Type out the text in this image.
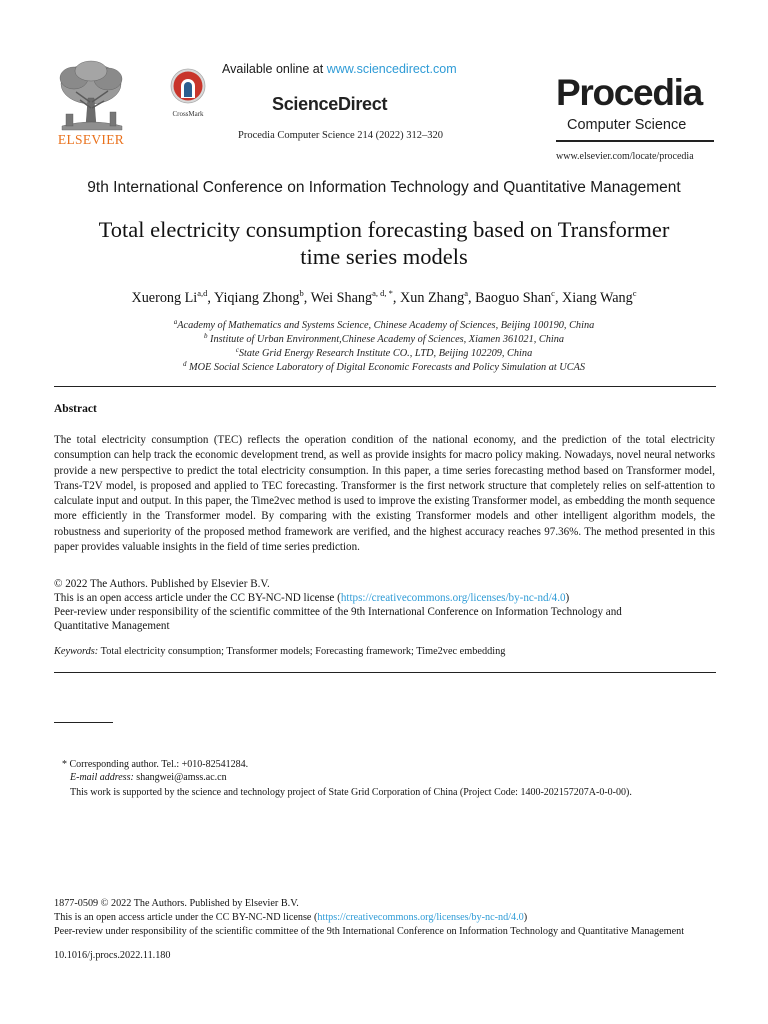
ELSEVIER
CrossMark
Available online at www.sciencedirect.com
ScienceDirect
Procedia Computer Science 214 (2022) 312–320
Procedia
Computer Science
www.elsevier.com/locate/procedia
9th International Conference on Information Technology and Quantitative Management
Total electricity consumption forecasting based on Transformer
time series models
Xuerong Li$^{a,d}$, Yiqiang Zhong$^b$, Wei Shang$^{a, d, *}$, Xun Zhang$^a$, Baoguo Shan$^c$, Xiang Wang$^c$
$^a$Academy of Mathematics and Systems Science, Chinese Academy of Sciences, Beijing 100190, China
$^b$ Institute of Urban Environment,Chinese Academy of Sciences, Xiamen 361021, China
$^c$State Grid Energy Research Institute CO., LTD, Beijing 102209, China
$^d$ MOE Social Science Laboratory of Digital Economic Forecasts and Policy Simulation at UCAS
Abstract
The total electricity consumption (TEC) reflects the operation condition of the national economy, and the prediction of the total electricity consumption can help track the economic development trend, as well as provide insights for macro policy making. Nowadays, novel neural networks provide a new perspective to predict the total electricity consumption. In this paper, a time series forecasting method based on Transformer model, Trans-T2V model, is proposed and applied to TEC forecasting. Transformer is the first network structure that completely relies on self-attention to calculate input and output. In this paper, the Time2vec method is used to improve the existing Transformer model, as embedding the month sequence more efficiently in the Transformer model. By comparing with the existing Transformer models and other intelligent algorithm models, the robustness and superiority of the proposed method framework are verified, and the highest accuracy reaches 97.36%. The method presented in this paper provides valuable insights in the field of time series prediction.
© 2022 The Authors. Published by Elsevier B.V.
This is an open access article under the CC BY-NC-ND license (https://creativecommons.org/licenses/by-nc-nd/4.0)
Peer-review under responsibility of the scientific committee of the 9th International Conference on Information Technology and
Quantitative Management
Keywords: Total electricity consumption; Transformer models; Forecasting framework; Time2vec embedding
* Corresponding author. Tel.: +010-82541284.
E-mail address: shangwei@amss.ac.cn
This work is supported by the science and technology project of State Grid Corporation of China (Project Code: 1400-202157207A-0-0-00).
1877-0509 © 2022 The Authors. Published by Elsevier B.V.
This is an open access article under the CC BY-NC-ND license (https://creativecommons.org/licenses/by-nc-nd/4.0)
Peer-review under responsibility of the scientific committee of the 9th International Conference on Information Technology and Quantitative Management
10.1016/j.procs.2022.11.180
